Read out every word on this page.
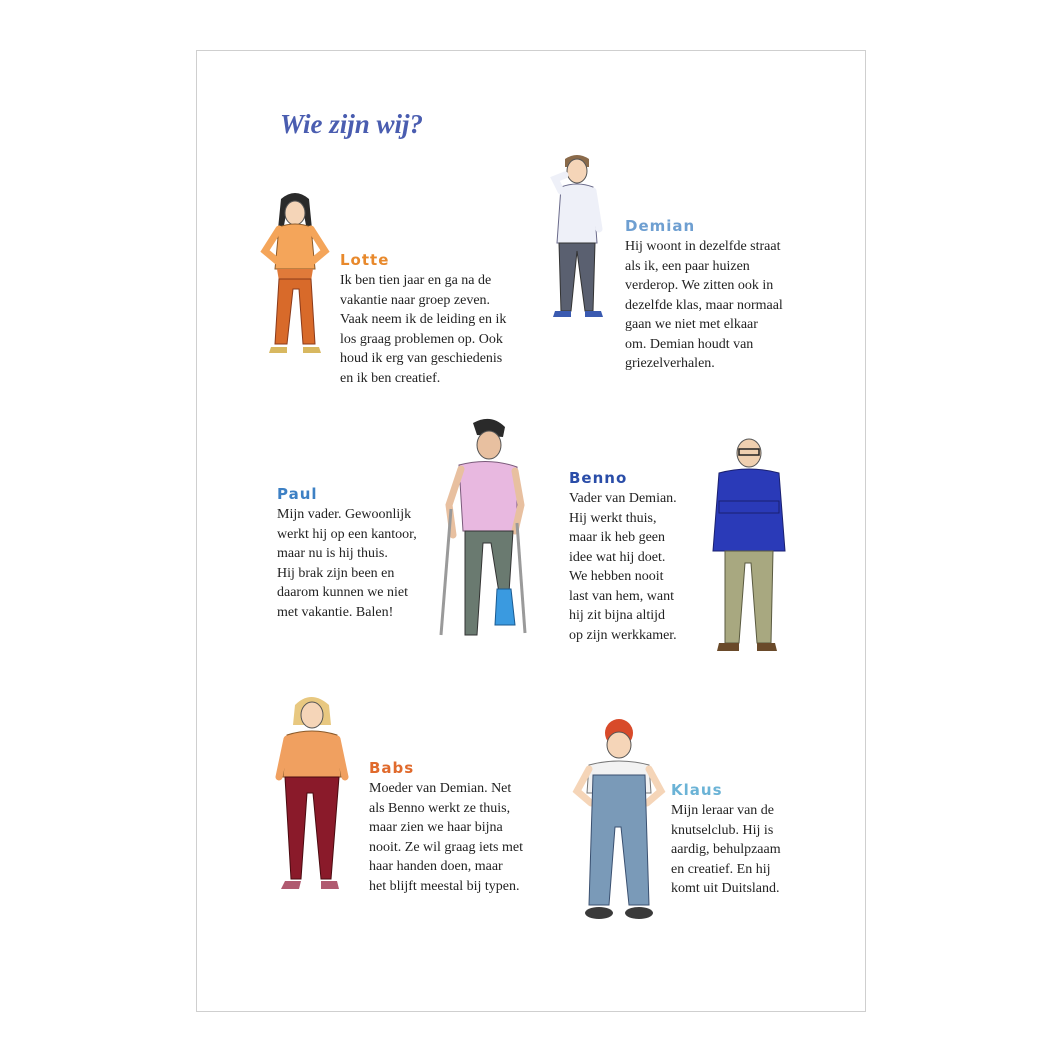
Wie zijn wij?

Lotte

Ik ben tien jaar en ga na de
vakantie naar groep zeven.
Vaak neem ik de leiding en ik
los graag problemen op. Ook
houd ik erg van geschiedenis
en ik ben creatief.

Demian

Hij woont in dezelfde straat
als ik, een paar huizen
verderop. We zitten ook in
dezelfde klas, maar normaal
gaan we niet met elkaar
om. Demian houdt van
griezelverhalen.

Paul

Mijn vader. Gewoonlijk
werkt hij op een kantoor,
maar nu is hij thuis.
Hij brak zijn been en
daarom kunnen we niet
met vakantie. Balen!

Benno

Vader van Demian.
Hij werkt thuis,
maar ik heb geen
idee wat hij doet.
We hebben nooit
last van hem, want
hij zit bijna altijd
op zijn werkkamer.

Babs

Moeder van Demian. Net
als Benno werkt ze thuis,
maar zien we haar bijna
nooit. Ze wil graag iets met
haar handen doen, maar
het blijft meestal bij typen.

Klaus

Mijn leraar van de
knutselclub. Hij is
aardig, behulpzaam
en creatief. En hij
komt uit Duitsland.
